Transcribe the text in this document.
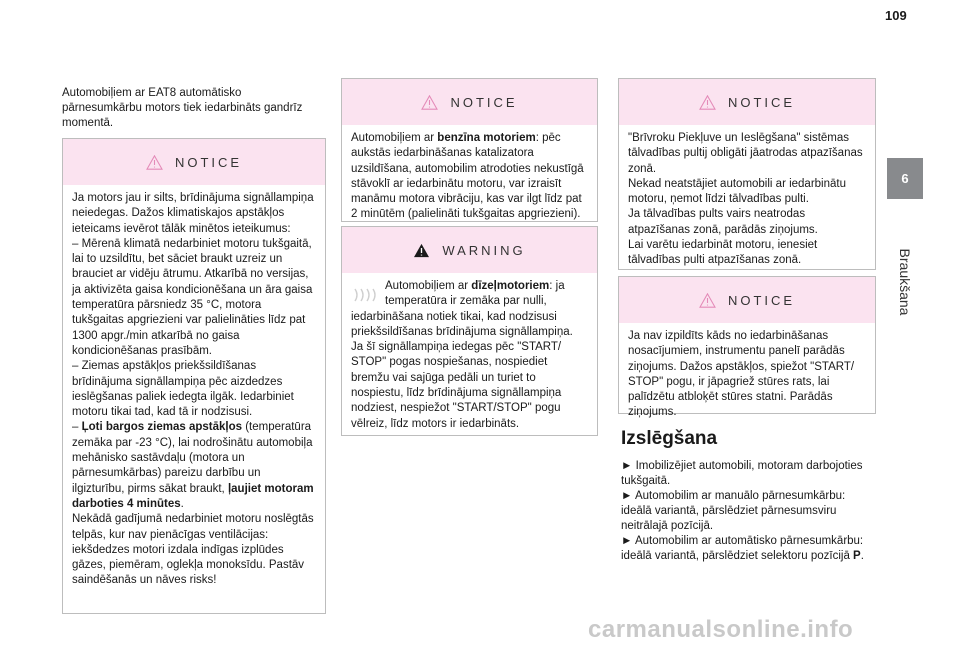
109
6
Braukšana
Automobiļiem ar EAT8 automātisko pārnesumkārbu motors tiek iedarbināts gandrīz momentā.
NOTICE

Ja motors jau ir silts, brīdinājuma signāllampiņa neiedegas. Dažos klimatiskajos apstākļos ieteicams ievērot tālāk minētos ieteikumus:

– Mērenā klimatā nedarbiniet motoru tukšgaitā, lai to uzsildītu, bet sāciet braukt uzreiz un brauciet ar vidēju ātrumu. Atkarībā no versijas, ja aktivizēta gaisa kondicionēšana un āra gaisa temperatūra pārsniedz 35 °C, motora tukšgaitas apgriezieni var palielināties līdz pat 1300 apgr./min atkarībā no gaisa kondicionēšanas prasībām.

– Ziemas apstākļos priekšsildīšanas brīdinājuma signāllampiņa pēc aizdedzes ieslēgšanas paliek iedegta ilgāk. Iedarbiniet motoru tikai tad, kad tā ir nodzisusi.

– Ļoti bargos ziemas apstākļos (temperatūra zemāka par -23 °C), lai nodrošinātu automobiļa mehānisko sastāvdaļu (motora un pārnesumkārbas) pareizu darbību un ilgizturību, pirms sākat braukt, ļaujiet motoram darboties 4 minūtes.

Nekādā gadījumā nedarbiniet motoru noslēgtās telpās, kur nav pienācīgas ventilācijas: iekšdedzes motori izdala indīgas izplūdes gāzes, piemēram, oglekļa monoksīdu. Pastāv saindēšanās un nāves risks!

NOTICE

Automobiļiem ar benzīna motoriem: pēc aukstās iedarbināšanas katalizatora uzsildīšana, automobilim atrodoties nekustīgā stāvoklī ar iedarbinātu motoru, var izraisīt manāmu motora vibrāciju, kas var ilgt līdz pat 2 minūtēm (palielināti tukšgaitas apgriezieni).

WARNING

Automobiļiem ar dīzeļmotoriem: ja temperatūra ir zemāka par nulli, iedarbināšana notiek tikai, kad nodzisusi priekšsildīšanas brīdinājuma signāllampiņa. Ja šī signāllampiņa iedegas pēc "START/ STOP" pogas nospiešanas, nospiediet bremžu vai sajūga pedāli un turiet to nospiestu, līdz brīdinājuma signāllampiņa nodziest, nespiežot "START/STOP" pogu vēlreiz, līdz motors ir iedarbināts.

NOTICE

"Brīvroku Piekļuve un Ieslēgšana" sistēmas tālvadības pultij obligāti jāatrodas atpazīšanas zonā.

Nekad neatstājiet automobili ar iedarbinātu motoru, ņemot līdzi tālvadības pulti.

Ja tālvadības pults vairs neatrodas atpazīšanas zonā, parādās ziņojums.

Lai varētu iedarbināt motoru, ienesiet tālvadības pulti atpazīšanas zonā.

NOTICE

Ja nav izpildīts kāds no iedarbināšanas nosacījumiem, instrumentu panelī parādās ziņojums. Dažos apstākļos, spiežot "START/ STOP" pogu, ir jāpagriež stūres rats, lai palīdzētu atbloķēt stūres statni. Parādās ziņojums.

Izslēgšana

► Imobilizējiet automobili, motoram darbojoties tukšgaitā.

► Automobilim ar manuālo pārnesumkārbu: ideālā variantā, pārslēdziet pārnesumsviru neitrālajā pozīcijā.

► Automobilim ar automātisko pārnesumkārbu: ideālā variantā, pārslēdziet selektoru pozīcijā P.

carmanualsonline.info
